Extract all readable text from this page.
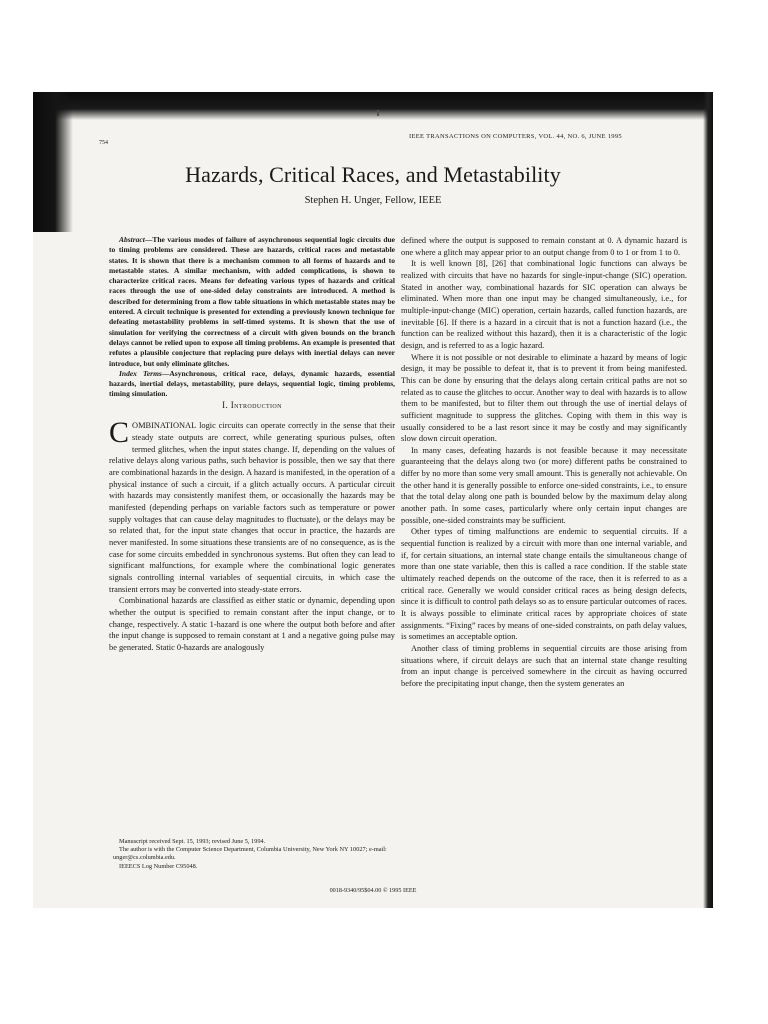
754
IEEE TRANSACTIONS ON COMPUTERS, VOL. 44, NO. 6, JUNE 1995
Hazards, Critical Races, and Metastability
Stephen H. Unger, Fellow, IEEE

Abstract—The various modes of failure of asynchronous sequential logic circuits due to timing problems are considered. These are hazards, critical races and metastable states. It is shown that there is a mechanism common to all forms of hazards and to metastable states. A similar mechanism, with added complications, is shown to characterize critical races. Means for defeating various types of hazards and critical races through the use of one-sided delay constraints are introduced. A method is described for determining from a flow table situations in which metastable states may be entered. A circuit technique is presented for extending a previously known technique for defeating metastability problems in self-timed systems. It is shown that the use of simulation for verifying the correctness of a circuit with given bounds on the branch delays cannot be relied upon to expose all timing problems. An example is presented that refutes a plausible conjecture that replacing pure delays with inertial delays can never introduce, but only eliminate glitches.

Index Terms—Asynchronous, critical race, delays, dynamic hazards, essential hazards, inertial delays, metastability, pure delays, sequential logic, timing problems, timing simulation.

I. Introduction

COMBINATIONAL logic circuits can operate correctly in the sense that their steady state outputs are correct, while generating spurious pulses, often termed glitches, when the input states change. If, depending on the values of relative delays along various paths, such behavior is possible, then we say that there are combinational hazards in the design. A hazard is manifested, in the operation of a physical instance of such a circuit, if a glitch actually occurs. A particular circuit with hazards may consistently manifest them, or occasionally the hazards may be manifested (depending perhaps on variable factors such as temperature or power supply voltages that can cause delay magnitudes to fluctuate), or the delays may be so related that, for the input state changes that occur in practice, the hazards are never manifested. In some situations these transients are of no consequence, as is the case for some circuits embedded in synchronous systems. But often they can lead to significant malfunctions, for example where the combinational logic generates signals controlling internal variables of sequential circuits, in which case the transient errors may be converted into steady-state errors.

Combinational hazards are classified as either static or dynamic, depending upon whether the output is specified to remain constant after the input change, or to change, respectively. A static 1-hazard is one where the output both before and after the input change is supposed to remain constant at 1 and a negative going pulse may be generated. Static 0-hazards are analogously

defined where the output is supposed to remain constant at 0. A dynamic hazard is one where a glitch may appear prior to an output change from 0 to 1 or from 1 to 0.

It is well known [8], [26] that combinational logic functions can always be realized with circuits that have no hazards for single-input-change (SIC) operation. Stated in another way, combinational hazards for SIC operation can always be eliminated. When more than one input may be changed simultaneously, i.e., for multiple-input-change (MIC) operation, certain hazards, called function hazards, are inevitable [6]. If there is a hazard in a circuit that is not a function hazard (i.e., the function can be realized without this hazard), then it is a characteristic of the logic design, and is referred to as a logic hazard.

Where it is not possible or not desirable to eliminate a hazard by means of logic design, it may be possible to defeat it, that is to prevent it from being manifested. This can be done by ensuring that the delays along certain critical paths are not so related as to cause the glitches to occur. Another way to deal with hazards is to allow them to be manifested, but to filter them out through the use of inertial delays of sufficient magnitude to suppress the glitches. Coping with them in this way is usually considered to be a last resort since it may be costly and may significantly slow down circuit operation.

In many cases, defeating hazards is not feasible because it may necessitate guaranteeing that the delays along two (or more) different paths be constrained to differ by no more than some very small amount. This is generally not achievable. On the other hand it is generally possible to enforce one-sided constraints, i.e., to ensure that the total delay along one path is bounded below by the maximum delay along another path. In some cases, particularly where only certain input changes are possible, one-sided constraints may be sufficient.

Other types of timing malfunctions are endemic to sequential circuits. If a sequential function is realized by a circuit with more than one internal variable, and if, for certain situations, an internal state change entails the simultaneous change of more than one state variable, then this is called a race condition. If the stable state ultimately reached depends on the outcome of the race, then it is referred to as a critical race. Generally we would consider critical races as being design defects, since it is difficult to control path delays so as to ensure particular outcomes of races. It is always possible to eliminate critical races by appropriate choices of state assignments. “Fixing” races by means of one-sided constraints, on path delay values, is sometimes an acceptable option.

Another class of timing problems in sequential circuits are those arising from situations where, if circuit delays are such that an internal state change resulting from an input change is perceived somewhere in the circuit as having occurred before the precipitating input change, then the system generates an

Manuscript received Sept. 15, 1993; revised June 5, 1994.
The author is with the Computer Science Department, Columbia University, New York NY 10027; e-mail: unger@cs.columbia.edu.
IEEECS Log Number C95048.
0018-9340/95$04.00 © 1995 IEEE
